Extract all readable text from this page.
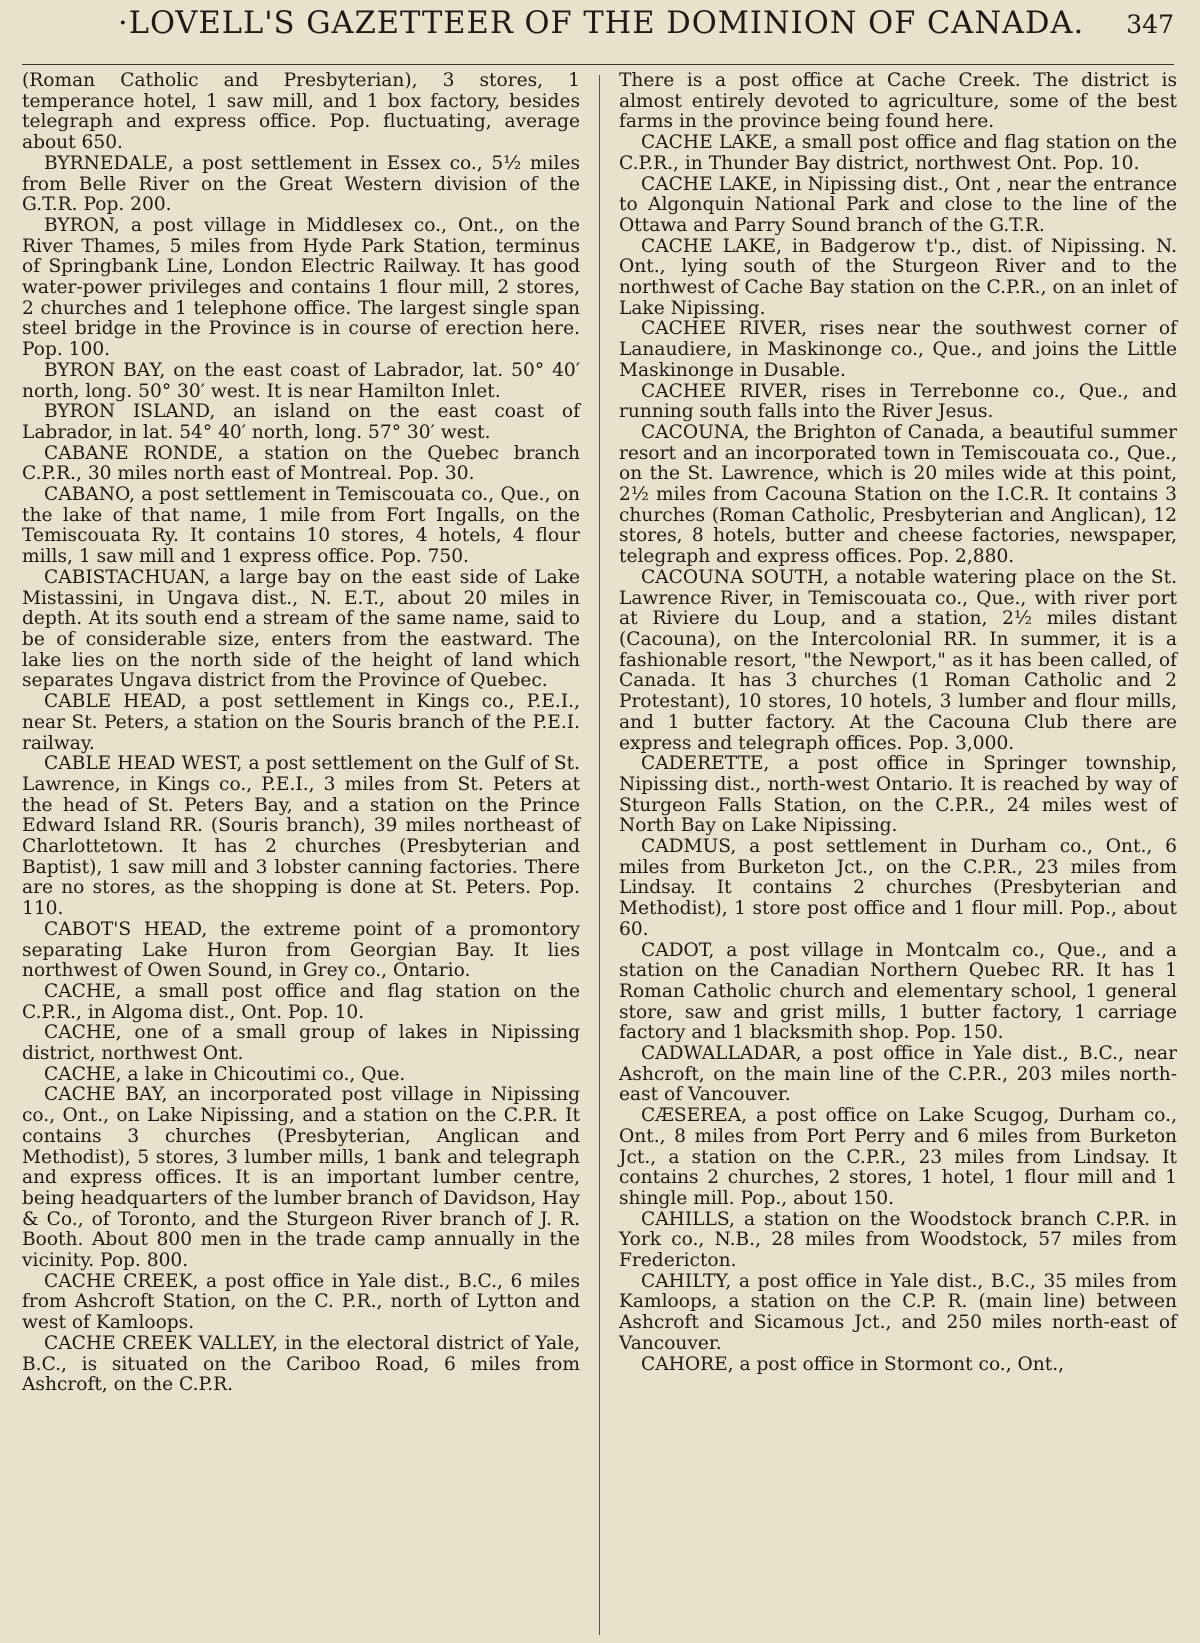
·LOVELL'S GAZETTEER OF THE DOMINION OF CANADA. 347

(Roman Catholic and Presbyterian), 3 stores, 1 temperance hotel, 1 saw mill, and 1 box factory, besides telegraph and express office. Pop. fluctuating, average about 650.

BYRNEDALE, a post settlement in Essex co., 5½ miles from Belle River on the Great Western division of the G.T.R. Pop. 200.

BYRON, a post village in Middlesex co., Ont., on the River Thames, 5 miles from Hyde Park Station, terminus of Springbank Line, London Electric Railway. It has good water-power privileges and contains 1 flour mill, 2 stores, 2 churches and 1 telephone office. The largest single span steel bridge in the Province is in course of erection here. Pop. 100.

BYRON BAY, on the east coast of Labrador, lat. 50° 40′ north, long. 50° 30′ west. It is near Hamilton Inlet.

BYRON ISLAND, an island on the east coast of Labrador, in lat. 54° 40′ north, long. 57° 30′ west.

CABANE RONDE, a station on the Quebec branch C.P.R., 30 miles north east of Montreal. Pop. 30.

CABANO, a post settlement in Temiscouata co., Que., on the lake of that name, 1 mile from Fort Ingalls, on the Temiscouata Ry. It contains 10 stores, 4 hotels, 4 flour mills, 1 saw mill and 1 express office. Pop. 750.

CABISTACHUAN, a large bay on the east side of Lake Mistassini, in Ungava dist., N. E.T., about 20 miles in depth. At its south end a stream of the same name, said to be of considerable size, enters from the eastward. The lake lies on the north side of the height of land which separates Ungava district from the Province of Quebec.

CABLE HEAD, a post settlement in Kings co., P.E.I., near St. Peters, a station on the Souris branch of the P.E.I. railway.

CABLE HEAD WEST, a post settlement on the Gulf of St. Lawrence, in Kings co., P.E.I., 3 miles from St. Peters at the head of St. Peters Bay, and a station on the Prince Edward Island RR. (Souris branch), 39 miles northeast of Charlottetown. It has 2 churches (Presbyterian and Baptist), 1 saw mill and 3 lobster canning factories. There are no stores, as the shopping is done at St. Peters. Pop. 110.

CABOT'S HEAD, the extreme point of a promontory separating Lake Huron from Georgian Bay. It lies northwest of Owen Sound, in Grey co., Ontario.

CACHE, a small post office and flag station on the C.P.R., in Algoma dist., Ont. Pop. 10.

CACHE, one of a small group of lakes in Nipissing district, northwest Ont.

CACHE, a lake in Chicoutimi co., Que.

CACHE BAY, an incorporated post village in Nipissing co., Ont., on Lake Nipissing, and a station on the C.P.R. It contains 3 churches (Presbyterian, Anglican and Methodist), 5 stores, 3 lumber mills, 1 bank and telegraph and express offices. It is an important lumber centre, being headquarters of the lumber branch of Davidson, Hay & Co., of Toronto, and the Sturgeon River branch of J. R. Booth. About 800 men in the trade camp annually in the vicinity. Pop. 800.

CACHE CREEK, a post office in Yale dist., B.C., 6 miles from Ashcroft Station, on the C. P.R., north of Lytton and west of Kamloops.

CACHE CREEK VALLEY, in the electoral district of Yale, B.C., is situated on the Cariboo Road, 6 miles from Ashcroft, on the C.P.R.

There is a post office at Cache Creek. The district is almost entirely devoted to agriculture, some of the best farms in the province being found here.

CACHE LAKE, a small post office and flag station on the C.P.R., in Thunder Bay district, northwest Ont. Pop. 10.

CACHE LAKE, in Nipissing dist., Ont , near the entrance to Algonquin National Park and close to the line of the Ottawa and Parry Sound branch of the G.T.R.

CACHE LAKE, in Badgerow t'p., dist. of Nipissing. N. Ont., lying south of the Sturgeon River and to the northwest of Cache Bay station on the C.P.R., on an inlet of Lake Nipissing.

CACHEE RIVER, rises near the southwest corner of Lanaudiere, in Maskinonge co., Que., and joins the Little Maskinonge in Dusable.

CACHEE RIVER, rises in Terrebonne co., Que., and running south falls into the River Jesus.

CACOUNA, the Brighton of Canada, a beautiful summer resort and an incorporated town in Temiscouata co., Que., on the St. Lawrence, which is 20 miles wide at this point, 2½ miles from Cacouna Station on the I.C.R. It contains 3 churches (Roman Catholic, Presbyterian and Anglican), 12 stores, 8 hotels, butter and cheese factories, newspaper, telegraph and express offices. Pop. 2,880.

CACOUNA SOUTH, a notable watering place on the St. Lawrence River, in Temiscouata co., Que., with river port at Riviere du Loup, and a station, 2½ miles distant (Cacouna), on the Intercolonial RR. In summer, it is a fashionable resort, "the Newport," as it has been called, of Canada. It has 3 churches (1 Roman Catholic and 2 Protestant), 10 stores, 10 hotels, 3 lumber and flour mills, and 1 butter factory. At the Cacouna Club there are express and telegraph offices. Pop. 3,000.

CADERETTE, a post office in Springer township, Nipissing dist., north-west Ontario. It is reached by way of Sturgeon Falls Station, on the C.P.R., 24 miles west of North Bay on Lake Nipissing.

CADMUS, a post settlement in Durham co., Ont., 6 miles from Burketon Jct., on the C.P.R., 23 miles from Lindsay. It contains 2 churches (Presbyterian and Methodist), 1 store post office and 1 flour mill. Pop., about 60.

CADOT, a post village in Montcalm co., Que., and a station on the Canadian Northern Quebec RR. It has 1 Roman Catholic church and elementary school, 1 general store, saw and grist mills, 1 butter factory, 1 carriage factory and 1 blacksmith shop. Pop. 150.

CADWALLADAR, a post office in Yale dist., B.C., near Ashcroft, on the main line of the C.P.R., 203 miles north-east of Vancouver.

CÆSEREA, a post office on Lake Scugog, Durham co., Ont., 8 miles from Port Perry and 6 miles from Burketon Jct., a station on the C.P.R., 23 miles from Lindsay. It contains 2 churches, 2 stores, 1 hotel, 1 flour mill and 1 shingle mill. Pop., about 150.

CAHILLS, a station on the Woodstock branch C.P.R. in York co., N.B., 28 miles from Woodstock, 57 miles from Fredericton.

CAHILTY, a post office in Yale dist., B.C., 35 miles from Kamloops, a station on the C.P. R. (main line) between Ashcroft and Sicamous Jct., and 250 miles north-east of Vancouver.

CAHORE, a post office in Stormont co., Ont.,
